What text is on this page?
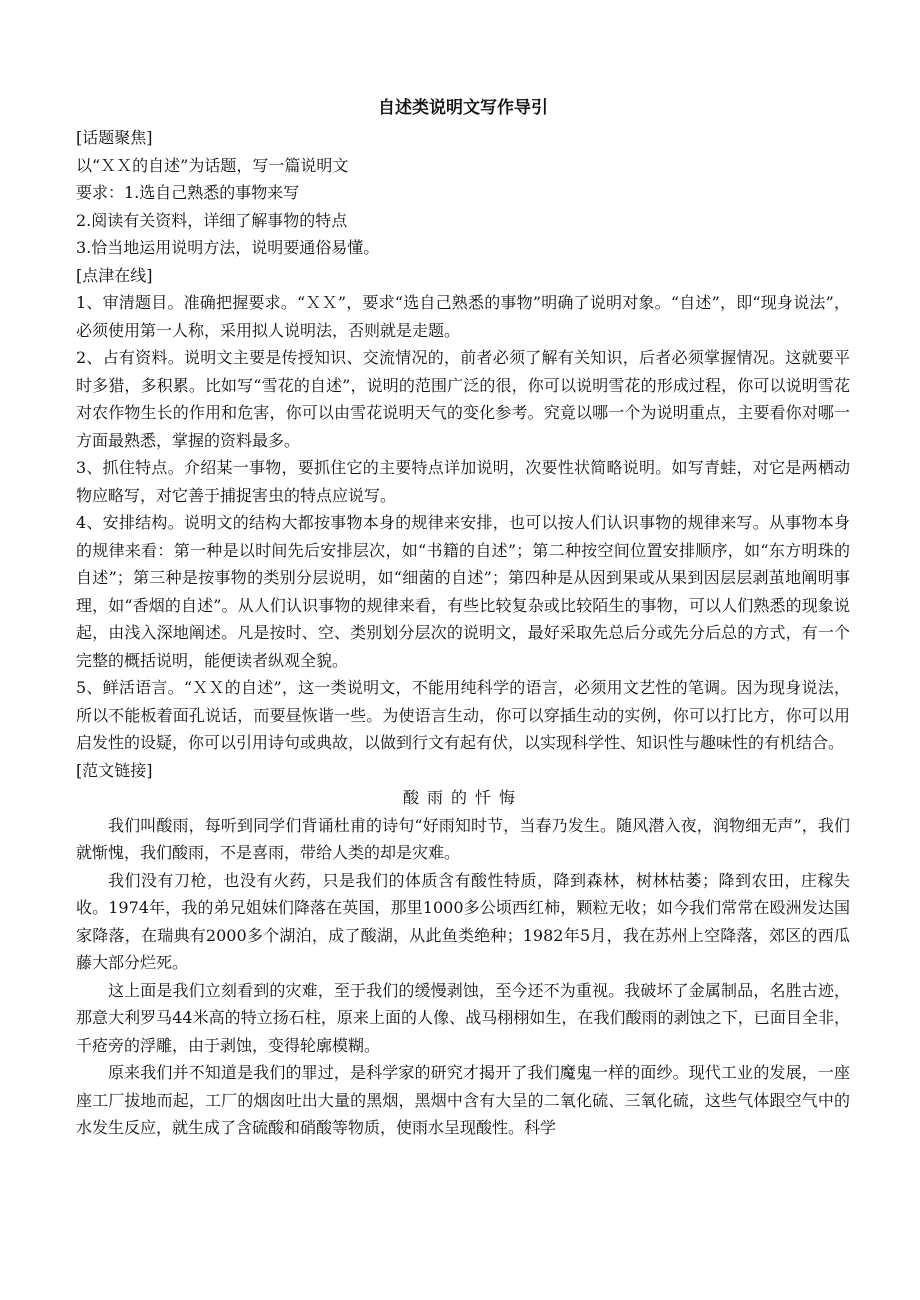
自述类说明文写作导引

[话题聚焦]

以“ＸＸ的自述”为话题，写一篇说明文

要求：1.选自己熟悉的事物来写

2.阅读有关资料，详细了解事物的特点

3.恰当地运用说明方法，说明要通俗易懂。

[点津在线]

1、审清题目。准确把握要求。“ＸＸ”，要求“选自己熟悉的事物”明确了说明对象。“自述”，即“现身说法”，必须使用第一人称，采用拟人说明法，否则就是走题。

2、占有资料。说明文主要是传授知识、交流情况的，前者必须了解有关知识，后者必须掌握情况。这就要平时多猎，多积累。比如写“雪花的自述”，说明的范围广泛的很，你可以说明雪花的形成过程，你可以说明雪花对农作物生长的作用和危害，你可以由雪花说明天气的变化参考。究竟以哪一个为说明重点，主要看你对哪一方面最熟悉，掌握的资料最多。

3、抓住特点。介绍某一事物，要抓住它的主要特点详加说明，次要性状简略说明。如写青蛙，对它是两栖动物应略写，对它善于捕捉害虫的特点应说写。

4、安排结构。说明文的结构大都按事物本身的规律来安排，也可以按人们认识事物的规律来写。从事物本身的规律来看：第一种是以时间先后安排层次，如“书籍的自述”；第二种按空间位置安排顺序，如“东方明珠的自述”；第三种是按事物的类别分层说明，如“细菌的自述”；第四种是从因到果或从果到因层层剥茧地阐明事理，如“香烟的自述”。从人们认识事物的规律来看，有些比较复杂或比较陌生的事物，可以人们熟悉的现象说起，由浅入深地阐述。凡是按时、空、类别划分层次的说明文，最好采取先总后分或先分后总的方式，有一个完整的概括说明，能便读者纵观全貌。

5、鲜活语言。“ＸＸ的自述”，这一类说明文，不能用纯科学的语言，必须用文艺性的笔调。因为现身说法，所以不能板着面孔说话，而要昼恢谐一些。为使语言生动，你可以穿插生动的实例，你可以打比方，你可以用启发性的设疑，你可以引用诗句或典故，以做到行文有起有伏，以实现科学性、知识性与趣味性的有机结合。

[范文链接]

酸雨的忏悔

我们叫酸雨，每听到同学们背诵杜甫的诗句“好雨知时节，当春乃发生。随风潜入夜，润物细无声”，我们就惭愧，我们酸雨，不是喜雨，带给人类的却是灾难。

我们没有刀枪，也没有火药，只是我们的体质含有酸性特质，降到森林，树林枯萎；降到农田，庄稼失收。1974年，我的弟兄姐妹们降落在英国，那里1000多公顷西红柿，颗粒无收；如今我们常常在殴洲发达国家降落，在瑞典有2000多个湖泊，成了酸湖，从此鱼类绝种；1982年5月，我在苏州上空降落，郊区的西瓜藤大部分烂死。

这上面是我们立刻看到的灾难，至于我们的缓慢剥蚀，至今还不为重视。我破坏了金属制品，名胜古迹，那意大利罗马44米高的特立扬石柱，原来上面的人像、战马栩栩如生，在我们酸雨的剥蚀之下，已面目全非，千疮旁的浮雕，由于剥蚀，变得轮廓模糊。

原来我们并不知道是我们的罪过，是科学家的研究才揭开了我们魔鬼一样的面纱。现代工业的发展，一座座工厂拔地而起，工厂的烟囱吐出大量的黑烟，黑烟中含有大呈的二氧化硫、三氧化硫，这些气体跟空气中的水发生反应，就生成了含硫酸和硝酸等物质，使雨水呈现酸性。科学
